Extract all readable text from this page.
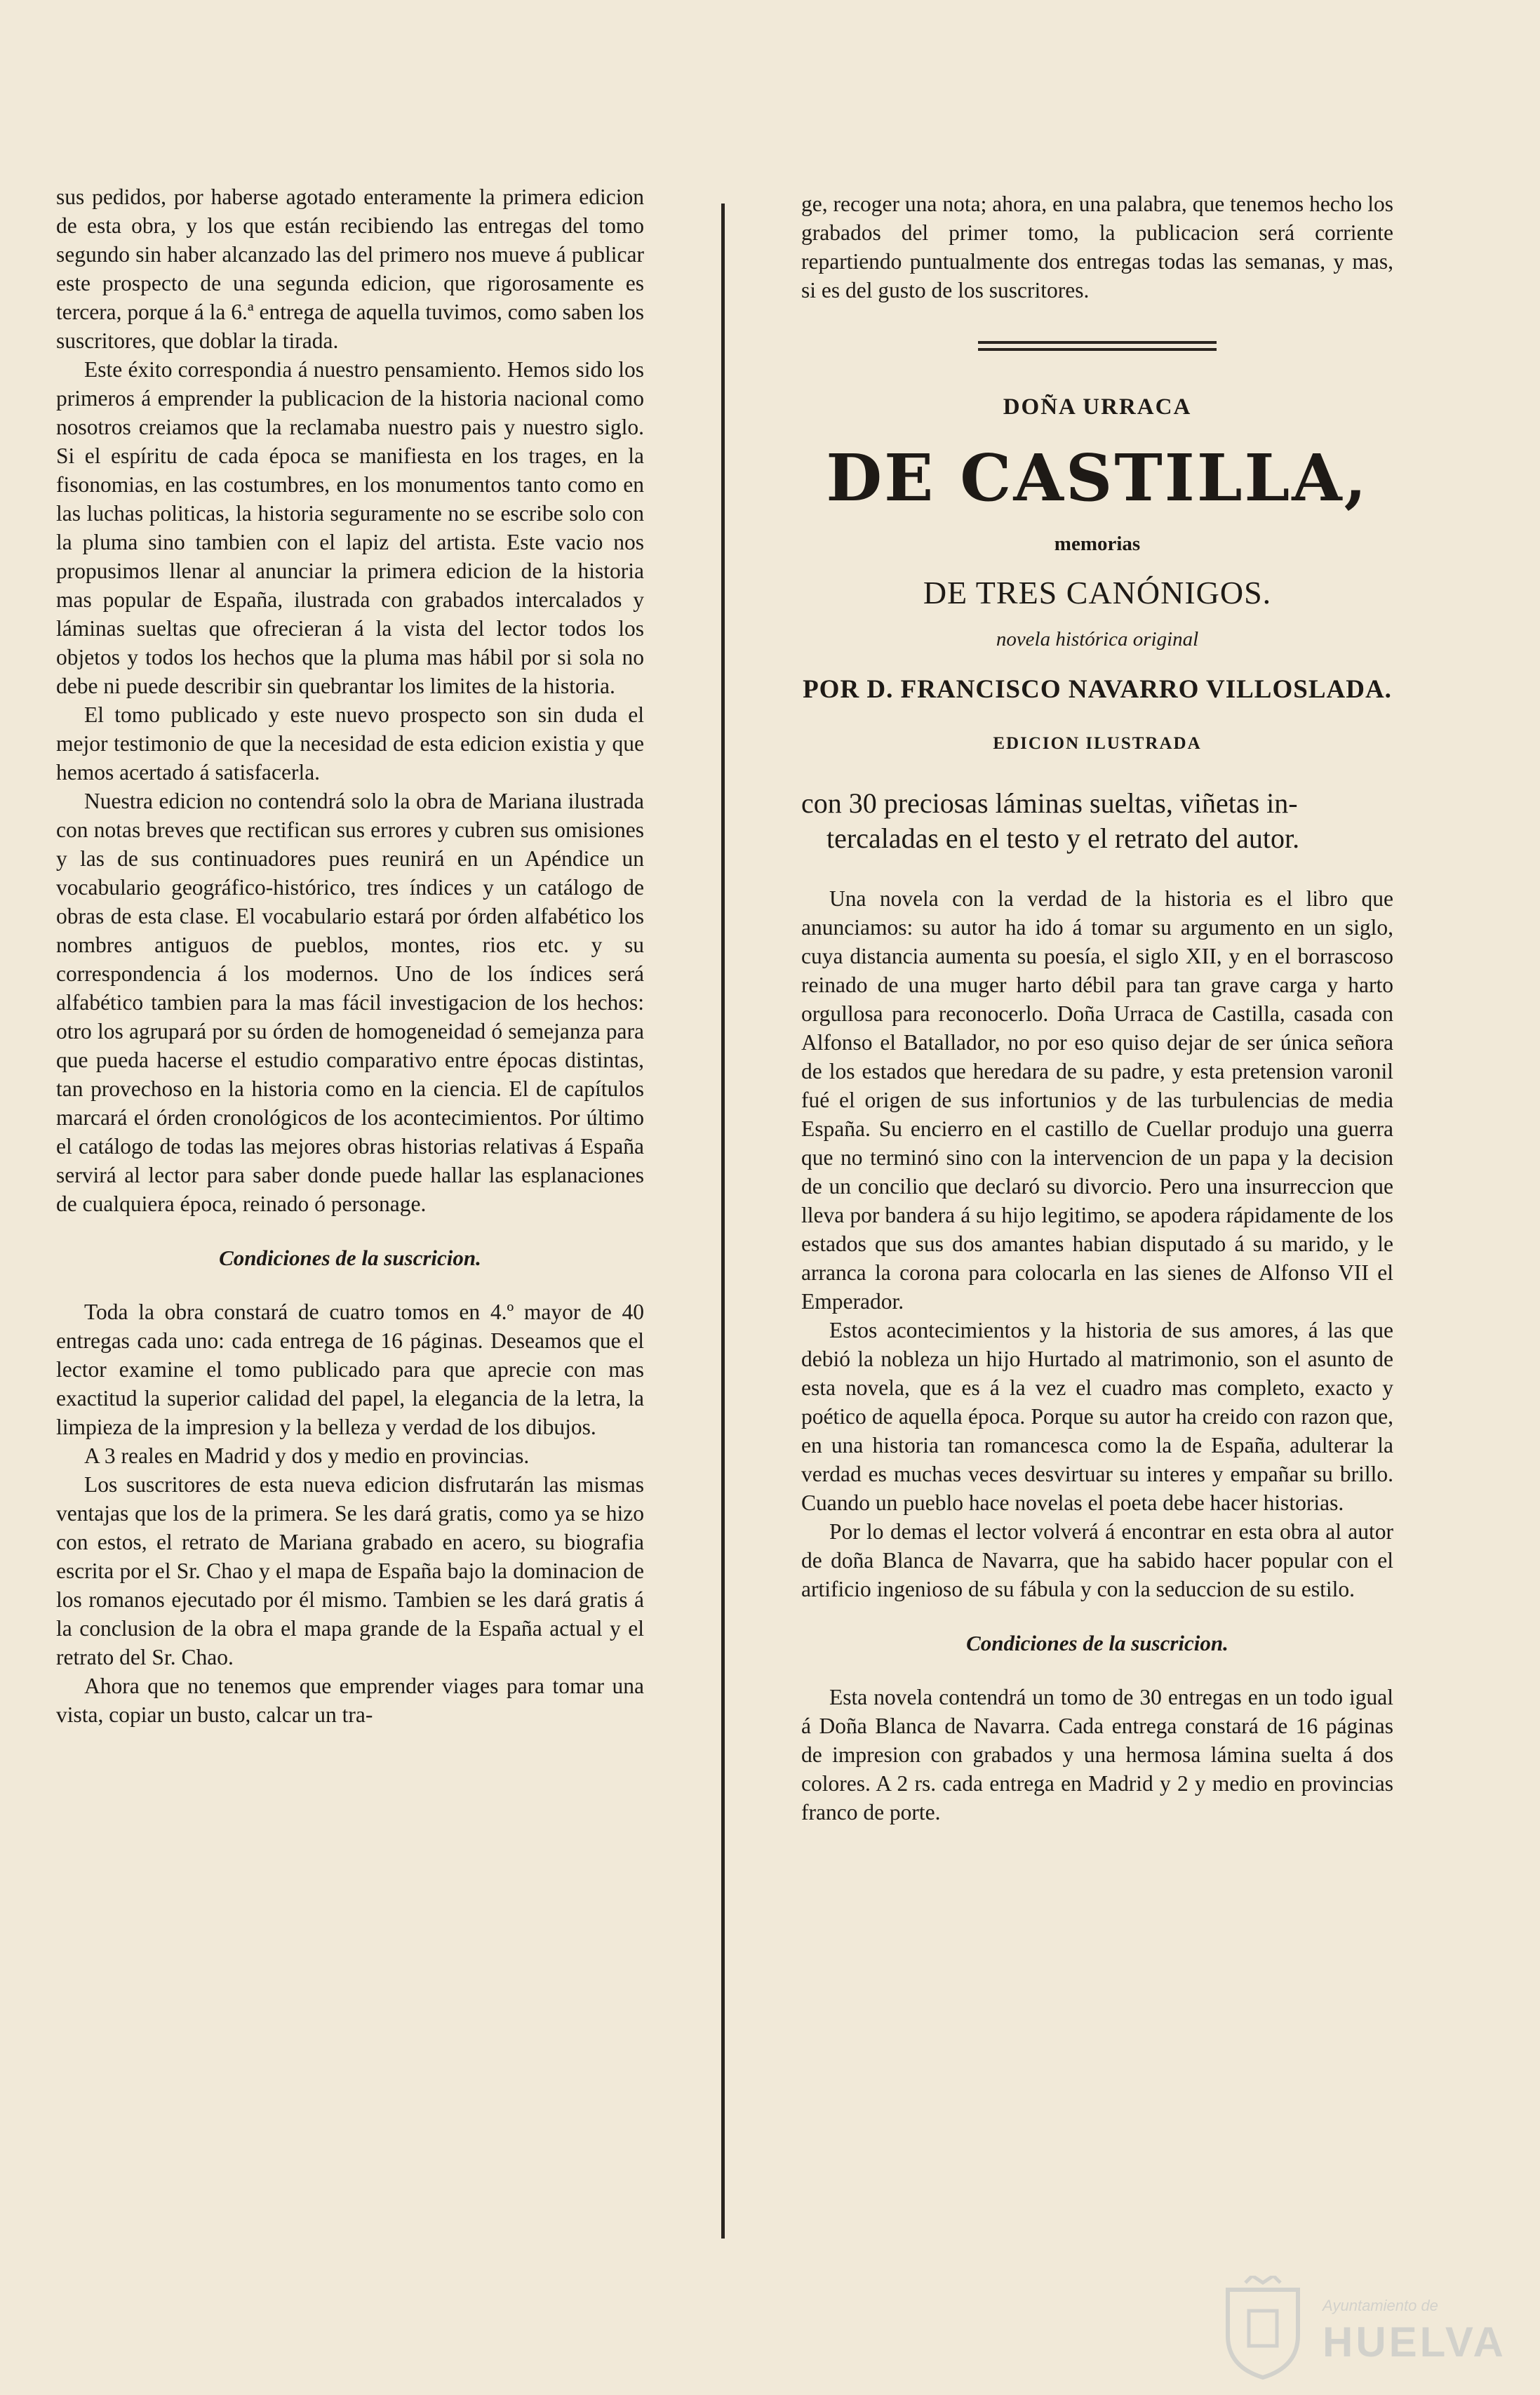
sus pedidos, por haberse agotado enteramente la primera edicion de esta obra, y los que están recibiendo las entregas del tomo segundo sin haber alcanzado las del primero nos mueve á publicar este prospecto de una segunda edicion, que rigorosamente es tercera, porque á la 6.ª entrega de aquella tuvimos, como saben los suscritores, que doblar la tirada.

Este éxito correspondia á nuestro pensamiento. Hemos sido los primeros á emprender la publicacion de la historia nacional como nosotros creiamos que la reclamaba nuestro pais y nuestro siglo. Si el espíritu de cada época se manifiesta en los trages, en la fisonomias, en las costumbres, en los monumentos tanto como en las luchas politicas, la historia seguramente no se escribe solo con la pluma sino tambien con el lapiz del artista. Este vacio nos propusimos llenar al anunciar la primera edicion de la historia mas popular de España, ilustrada con grabados intercalados y láminas sueltas que ofrecieran á la vista del lector todos los objetos y todos los hechos que la pluma mas hábil por si sola no debe ni puede describir sin quebrantar los limites de la historia.

El tomo publicado y este nuevo prospecto son sin duda el mejor testimonio de que la necesidad de esta edicion existia y que hemos acertado á satisfacerla.

Nuestra edicion no contendrá solo la obra de Mariana ilustrada con notas breves que rectifican sus errores y cubren sus omisiones y las de sus continuadores pues reunirá en un Apéndice un vocabulario geográfico-histórico, tres índices y un catálogo de obras de esta clase. El vocabulario estará por órden alfabético los nombres antiguos de pueblos, montes, rios etc. y su correspondencia á los modernos. Uno de los índices será alfabético tambien para la mas fácil investigacion de los hechos: otro los agrupará por su órden de homogeneidad ó semejanza para que pueda hacerse el estudio comparativo entre épocas distintas, tan provechoso en la historia como en la ciencia. El de capítulos marcará el órden cronológicos de los acontecimientos. Por último el catálogo de todas las mejores obras historias relativas á España servirá al lector para saber donde puede hallar las esplanaciones de cualquiera época, reinado ó personage.

Condiciones de la suscricion.

Toda la obra constará de cuatro tomos en 4.º mayor de 40 entregas cada uno: cada entrega de 16 páginas. Deseamos que el lector examine el tomo publicado para que aprecie con mas exactitud la superior calidad del papel, la elegancia de la letra, la limpieza de la impresion y la belleza y verdad de los dibujos.

A 3 reales en Madrid y dos y medio en provincias.

Los suscritores de esta nueva edicion disfrutarán las mismas ventajas que los de la primera. Se les dará gratis, como ya se hizo con estos, el retrato de Mariana grabado en acero, su biografia escrita por el Sr. Chao y el mapa de España bajo la dominacion de los romanos ejecutado por él mismo. Tambien se les dará gratis á la conclusion de la obra el mapa grande de la España actual y el retrato del Sr. Chao.

Ahora que no tenemos que emprender viages para tomar una vista, copiar un busto, calcar un tra-

ge, recoger una nota; ahora, en una palabra, que tenemos hecho los grabados del primer tomo, la publicacion será corriente repartiendo puntualmente dos entregas todas las semanas, y mas, si es del gusto de los suscritores.

DOÑA URRACA
DE CASTILLA,
memorias
DE TRES CANÓNIGOS.
novela histórica original
POR D. FRANCISCO NAVARRO VILLOSLADA.
EDICION ILUSTRADA
con 30 preciosas láminas sueltas, viñetas in-
tercaladas en el testo y el retrato del autor.

Una novela con la verdad de la historia es el libro que anunciamos: su autor ha ido á tomar su argumento en un siglo, cuya distancia aumenta su poesía, el siglo XII, y en el borrascoso reinado de una muger harto débil para tan grave carga y harto orgullosa para reconocerlo. Doña Urraca de Castilla, casada con Alfonso el Batallador, no por eso quiso dejar de ser única señora de los estados que heredara de su padre, y esta pretension varonil fué el origen de sus infortunios y de las turbulencias de media España. Su encierro en el castillo de Cuellar produjo una guerra que no terminó sino con la intervencion de un papa y la decision de un concilio que declaró su divorcio. Pero una insurreccion que lleva por bandera á su hijo legitimo, se apodera rápidamente de los estados que sus dos amantes habian disputado á su marido, y le arranca la corona para colocarla en las sienes de Alfonso VII el Emperador.

Estos acontecimientos y la historia de sus amores, á las que debió la nobleza un hijo Hurtado al matrimonio, son el asunto de esta novela, que es á la vez el cuadro mas completo, exacto y poético de aquella época. Porque su autor ha creido con razon que, en una historia tan romancesca como la de España, adulterar la verdad es muchas veces desvirtuar su interes y empañar su brillo. Cuando un pueblo hace novelas el poeta debe hacer historias.

Por lo demas el lector volverá á encontrar en esta obra al autor de doña Blanca de Navarra, que ha sabido hacer popular con el artificio ingenioso de su fábula y con la seduccion de su estilo.

Condiciones de la suscricion.

Esta novela contendrá un tomo de 30 entregas en un todo igual á Doña Blanca de Navarra. Cada entrega constará de 16 páginas de impresion con grabados y una hermosa lámina suelta á dos colores. A 2 rs. cada entrega en Madrid y 2 y medio en provincias franco de porte.

Ayuntamiento de
HUELVA
